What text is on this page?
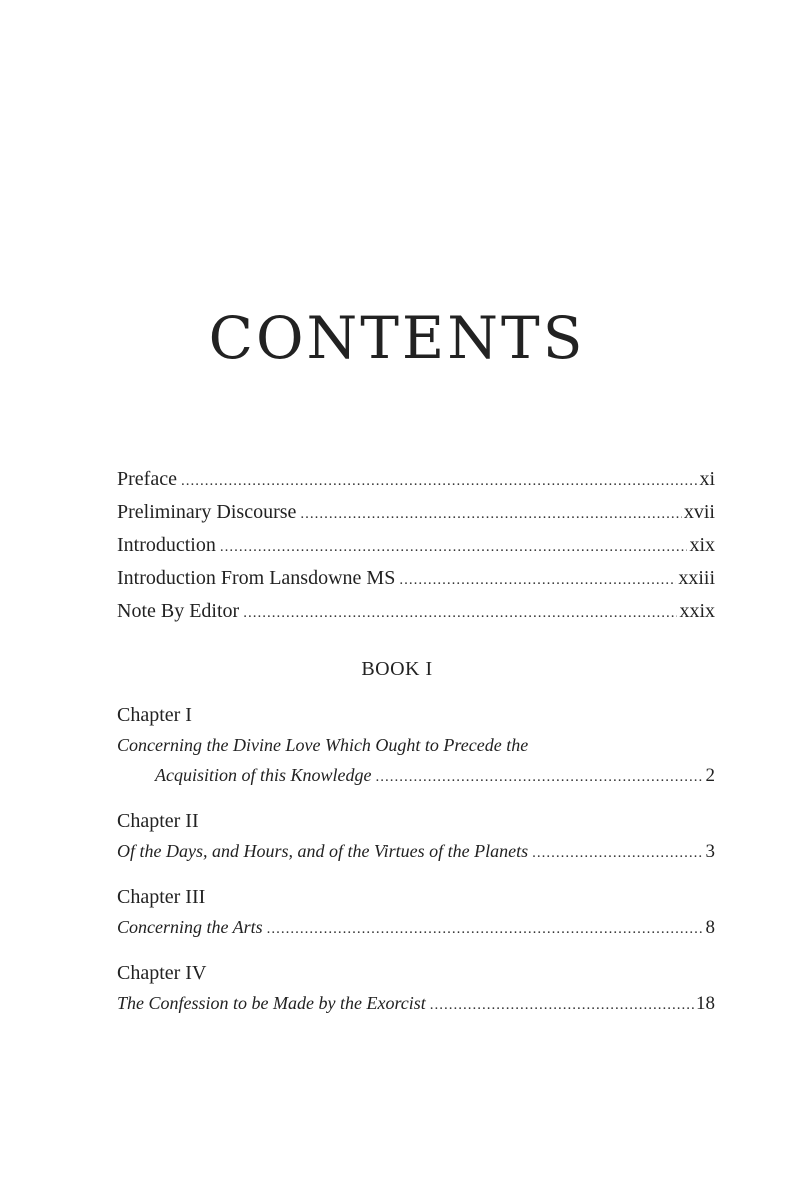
CONTENTS
Preface .....	xi
Preliminary Discourse .....	xvii
Introduction .....	xix
Introduction From Lansdowne MS .....	xxiii
Note By Editor .....	xxix
BOOK I
Chapter I
Concerning the Divine Love Which Ought to Precede the
Acquisition of this Knowledge .....	2
Chapter II
Of the Days, and Hours, and of the Virtues of the Planets .....	3
Chapter III
Concerning the Arts .....	8
Chapter IV
The Confession to be Made by the Exorcist .....	18
